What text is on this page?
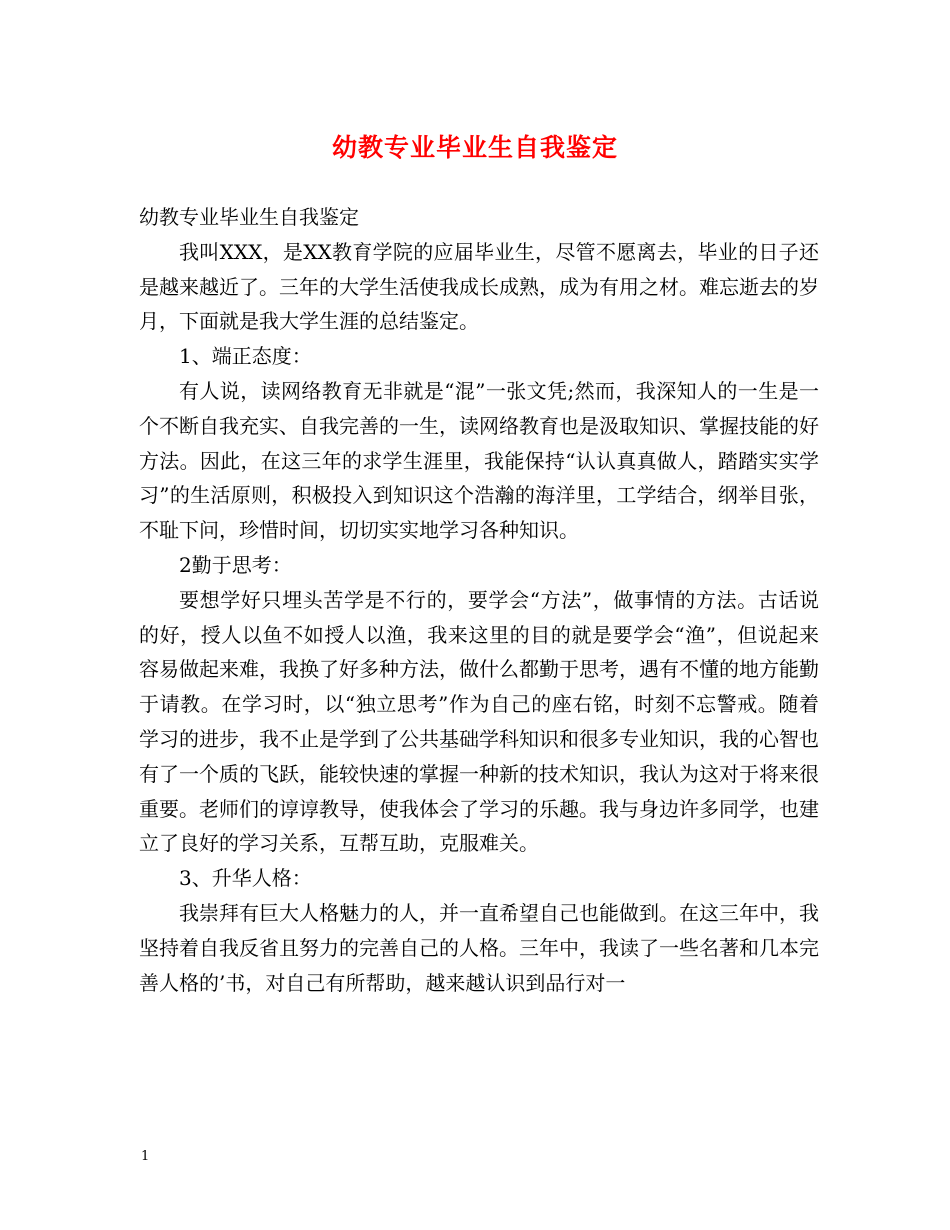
幼教专业毕业生自我鉴定

幼教专业毕业生自我鉴定

我叫XXX，是XX教育学院的应届毕业生，尽管不愿离去，毕业的日子还是越来越近了。三年的大学生活使我成长成熟，成为有用之材。难忘逝去的岁月，下面就是我大学生涯的总结鉴定。

1、端正态度：

有人说，读网络教育无非就是“混”一张文凭;然而，我深知人的一生是一个不断自我充实、自我完善的一生，读网络教育也是汲取知识、掌握技能的好方法。因此，在这三年的求学生涯里，我能保持“认认真真做人，踏踏实实学习”的生活原则，积极投入到知识这个浩瀚的海洋里，工学结合，纲举目张，不耻下问，珍惜时间，切切实实地学习各种知识。

2勤于思考：

要想学好只埋头苦学是不行的，要学会“方法”，做事情的方法。古话说的好，授人以鱼不如授人以渔，我来这里的目的就是要学会“渔”，但说起来容易做起来难，我换了好多种方法，做什么都勤于思考，遇有不懂的地方能勤于请教。在学习时，以“独立思考”作为自己的座右铭，时刻不忘警戒。随着学习的进步，我不止是学到了公共基础学科知识和很多专业知识，我的心智也有了一个质的飞跃，能较快速的掌握一种新的技术知识，我认为这对于将来很重要。老师们的谆谆教导，使我体会了学习的乐趣。我与身边许多同学，也建立了良好的学习关系，互帮互助，克服难关。

3、升华人格：

我崇拜有巨大人格魅力的人，并一直希望自己也能做到。在这三年中，我坚持着自我反省且努力的完善自己的人格。三年中，我读了一些名著和几本完善人格的’书，对自己有所帮助，越来越认识到品行对一

1
